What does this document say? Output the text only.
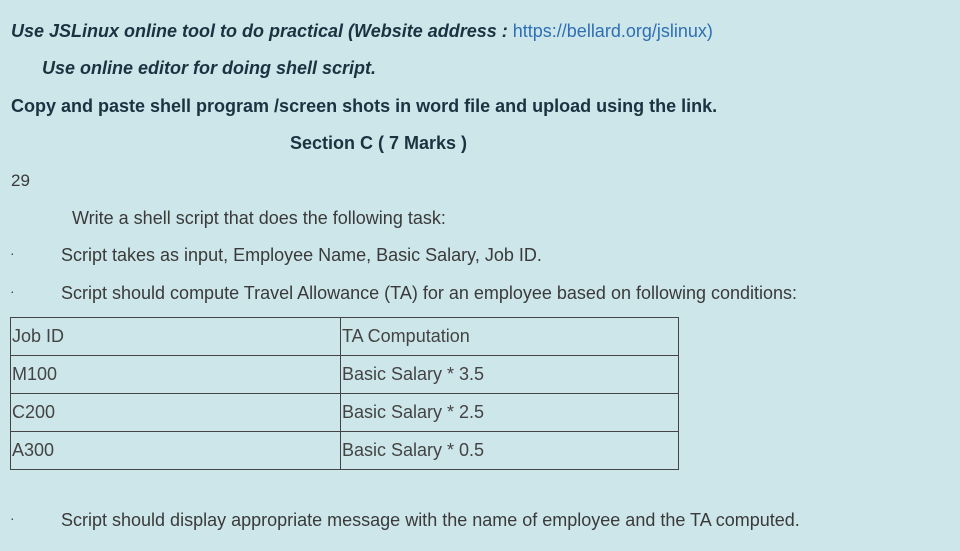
Use JSLinux online tool to do practical (Website address : https://bellard.org/jslinux)
Use online editor for doing shell script.
Copy and paste shell program /screen shots in word file and upload using the link.
Section C ( 7 Marks )
29
Write a shell script that does the following task:
·	Script takes as input, Employee Name, Basic Salary, Job ID.
·	Script should compute Travel Allowance (TA) for an employee based on following conditions:
Job ID	TA Computation
M100	Basic Salary * 3.5
C200	Basic Salary * 2.5
A300	Basic Salary * 0.5
·	Script should display appropriate message with the name of employee and the TA computed.
